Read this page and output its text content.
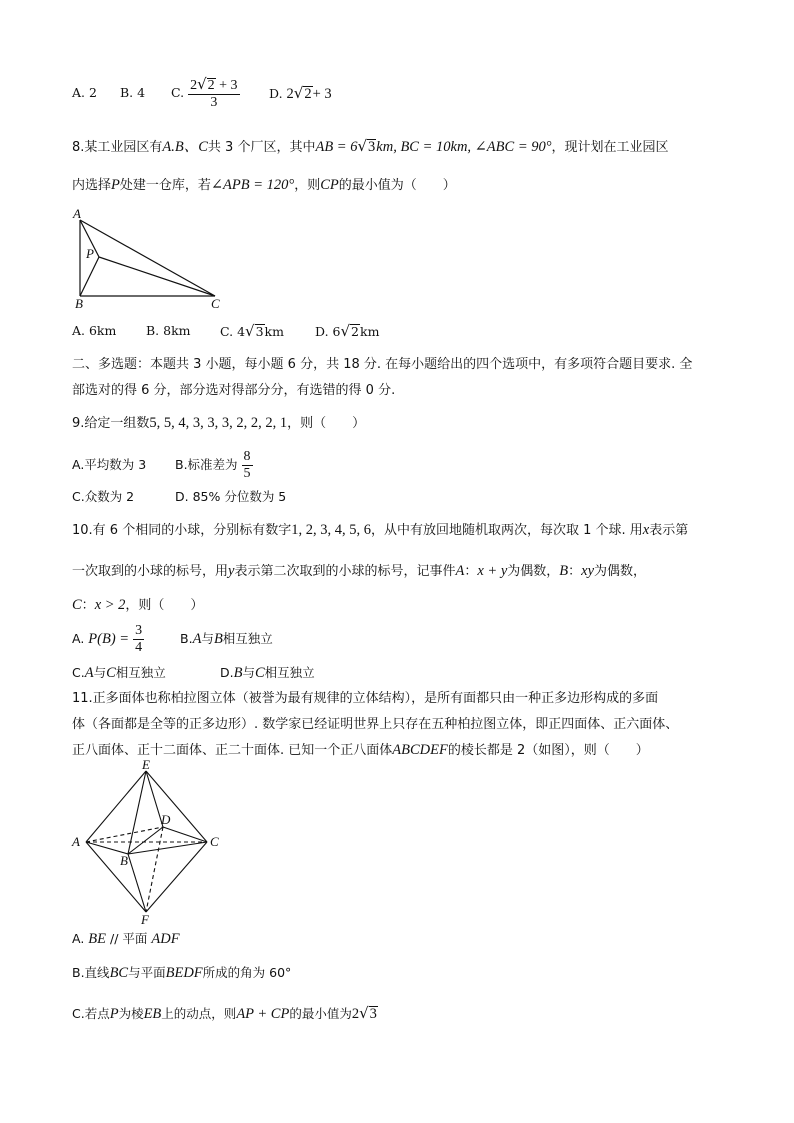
A. 2 B. 4 C. $\frac{2√2 + 3}{3} D$. 2√2+ 3
8.某工业园区有A.B、C共 3 个厂区，其中AB = 6√3km, BC = 10km, ∠ABC = 90°，现计划在工业园区
内选择P处建一仓库，若∠APB = 120°，则CP的最小值为（　　）
A
P
B	C
A. 6km B. 8km C. 4√3km D. 6√2km
二、多选题：本题共 3 小题，每小题 6 分，共 18 分. 在每小题给出的四个选项中，有多项符合题目要求. 全
部选对的得 6 分，部分选对得部分分，有选错的得 0 分.
9.给定一组数5, 5, 4, 3, 3, 3, 2, 2, 2, 1，则（　　）
A.平均数为 3 B.标准差为 $\frac{8}{5}$
C.众数为 2	D. 85% 分位数为 5
10.有 6 个相同的小球，分别标有数字1, 2, 3, 4, 5, 6，从中有放回地随机取两次，每次取 1 个球. 用x表示第
一次取到的小球的标号，用y表示第二次取到的小球的标号，记事件A：x + y为偶数，B：xy为偶数，
C：x > 2，则（　　）
A. $P(B) = \frac{3}{4}$	B.A与B相互独立
C.A与C相互独立	D.B与C相互独立
11.正多面体也称柏拉图立体（被誉为最有规律的立体结构），是所有面都只由一种正多边形构成的多面
体（各面都是全等的正多边形）. 数学家已经证明世界上只存在五种柏拉图立体，即正四面体、正六面体、
正八面体、正十二面体、正二十面体. 已知一个正八面体ABCDEF的棱长都是 2（如图），则（　　）
E
D
A	C
B
F
A. BE // 平面 ADF
B.直线BC与平面BEDF所成的角为 60°
C.若点P为棱EB上的动点，则AP + CP的最小值为2√3
